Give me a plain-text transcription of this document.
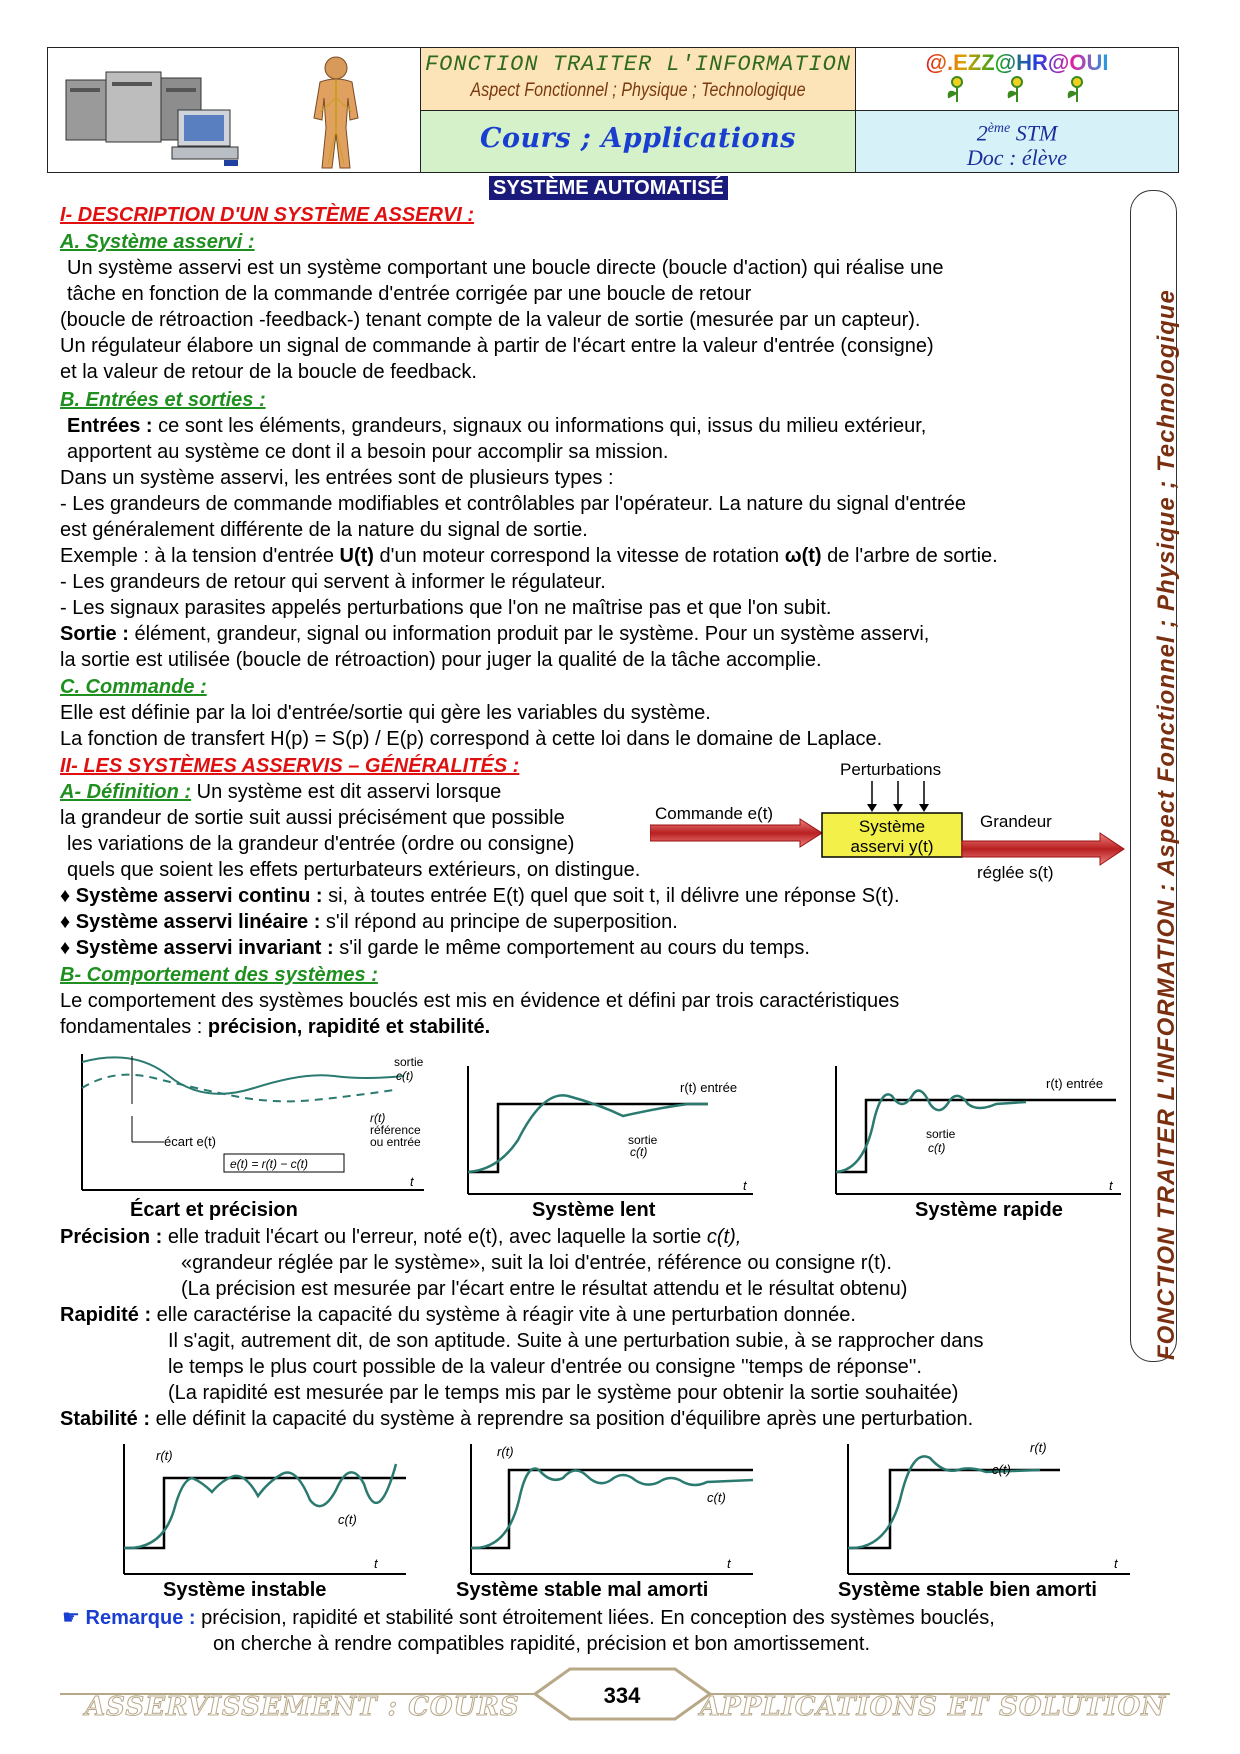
FONCTION TRAITER L'INFORMATION
Aspect Fonctionnel ; Physique ; Technologique
Cours ; Applications
@.EZZ@HR@OUI
2ème STM
Doc : élève
SYSTÈME AUTOMATISÉ
FONCTION TRAITER L'INFORMATION : Aspect Fonctionnel ; Physique ; Technologique
I- DESCRIPTION D'UN SYSTÈME ASSERVI :
A. Système asservi :
Un système asservi est un système comportant une boucle directe (boucle d'action) qui réalise une
tâche en fonction de la commande d'entrée corrigée par une boucle de retour
(boucle de rétroaction -feedback-) tenant compte de la valeur de sortie (mesurée par un capteur).
Un régulateur élabore un signal de commande à partir de l'écart entre la valeur d'entrée (consigne)
et la valeur de retour de la boucle de feedback.
B. Entrées et sorties :
Entrées : ce sont les éléments, grandeurs, signaux ou informations qui, issus du milieu extérieur,
apportent au système ce dont il a besoin pour accomplir sa mission.
Dans un système asservi, les entrées sont de plusieurs types :
- Les grandeurs de commande modifiables et contrôlables par l'opérateur. La nature du signal d'entrée
est généralement différente de la nature du signal de sortie.
Exemple : à la tension d'entrée U(t) d'un moteur correspond la vitesse de rotation ω(t) de l'arbre de sortie.
- Les grandeurs de retour qui servent à informer le régulateur.
- Les signaux parasites appelés perturbations que l'on ne maîtrise pas et que l'on subit.
Sortie : élément, grandeur, signal ou information produit par le système. Pour un système asservi,
la sortie est utilisée (boucle de rétroaction) pour juger la qualité de la tâche accomplie.
C. Commande :
Elle est définie par la loi d'entrée/sortie qui gère les variables du système.
La fonction de transfert H(p) = S(p) / E(p) correspond à cette loi dans le domaine de Laplace.
II- LES SYSTÈMES ASSERVIS – GÉNÉRALITÉS :
A- Définition : Un système est dit asservi lorsque
la grandeur de sortie suit aussi précisément que possible
les variations de la grandeur d'entrée (ordre ou consigne)
quels que soient les effets perturbateurs extérieurs, on distingue.
Perturbations
Commande e(t)
Système
asservi y(t)
Grandeur
réglée s(t)
♦ Système asservi continu : si, à toutes entrée E(t) quel que soit t, il délivre une réponse S(t).
♦ Système asservi linéaire : s'il répond au principe de superposition.
♦ Système asservi invariant : s'il garde le même comportement au cours du temps.
B- Comportement des systèmes :
Le comportement des systèmes bouclés est mis en évidence et défini par trois caractéristiques
fondamentales : précision, rapidité et stabilité.
sortie
c(t)
r(t)
référence
ou entrée
écart e(t)
e(t) = r(t) − c(t)
t
Écart et précision
r(t) entrée
sortie
c(t)
t
Système lent
r(t) entrée
sortie
c(t)
t
Système rapide
Précision : elle traduit l'écart ou l'erreur, noté e(t), avec laquelle la sortie c(t),
«grandeur réglée par le système», suit la loi d'entrée, référence ou consigne r(t).
(La précision est mesurée par l'écart entre le résultat attendu et le résultat obtenu)
Rapidité : elle caractérise la capacité du système à réagir vite à une perturbation donnée.
Il s'agit, autrement dit, de son aptitude. Suite à une perturbation subie, à se rapprocher dans
le temps le plus court possible de la valeur d'entrée ou consigne ''temps de réponse''.
(La rapidité est mesurée par le temps mis par le système pour obtenir la sortie souhaitée)
Stabilité : elle définit la capacité du système à reprendre sa position d'équilibre après une perturbation.
r(t)
c(t)
t
Système instable
r(t)
c(t)
t
Système stable mal amorti
r(t)
c(t)
t
Système stable bien amorti
☛ Remarque : précision, rapidité et stabilité sont étroitement liées. En conception des systèmes bouclés,
on cherche à rendre compatibles rapidité, précision et bon amortissement.
334
ASSERVISSEMENT : COURS	APPLICATIONS ET SOLUTION
